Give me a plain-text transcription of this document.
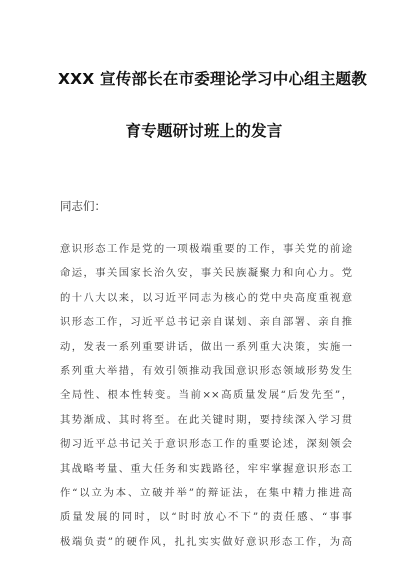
XXX 宣传部长在市委理论学习中心组主题教
育专题研讨班上的发言
同志们：
意识形态工作是党的一项极端重要的工作，事关党的前途
命运，事关国家长治久安，事关民族凝聚力和向心力。党
的十八大以来，以习近平同志为核心的党中央高度重视意
识形态工作，习近平总书记亲自谋划、亲自部署、亲自推
动，发表一系列重要讲话，做出一系列重大决策，实施一
系列重大举措，有效引领推动我国意识形态领域形势发生
全局性、根本性转变。当前××高质量发展“后发先至”，
其势渐成、其时将至。在此关键时期，要持续深入学习贯
彻习近平总书记关于意识形态工作的重要论述，深刻领会
其战略考量、重大任务和实践路径，牢牢掌握意识形态工
作“以立为本、立破并举”的辩证法，在集中精力推进高
质量发展的同时，以“时时放心不下”的责任感、“事事
极端负责”的硬作风，扎扎实实做好意识形态工作，为高
